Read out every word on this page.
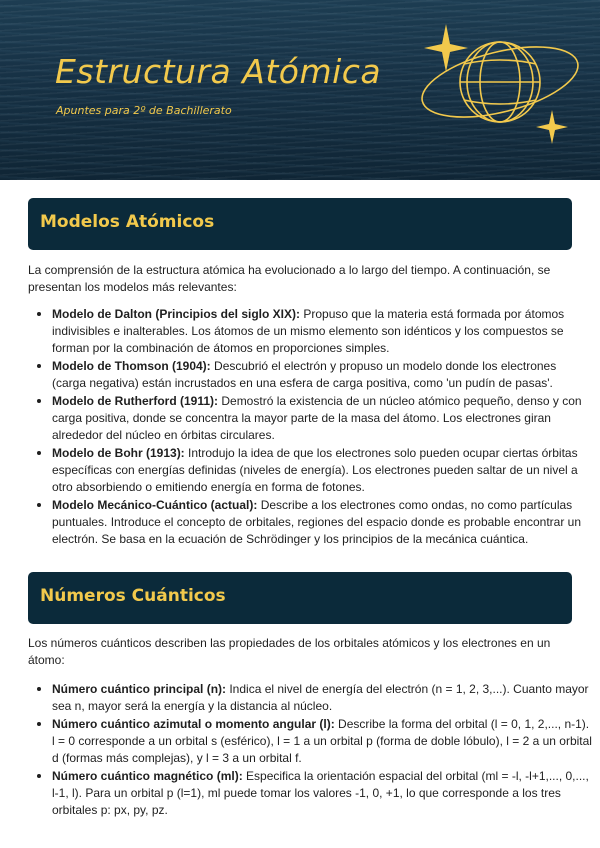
Estructura Atómica
Apuntes para 2º de Bachillerato
Modelos Atómicos

La comprensión de la estructura atómica ha evolucionado a lo largo del tiempo. A continuación, se presentan los modelos más relevantes:

• Modelo de Dalton (Principios del siglo XIX): Propuso que la materia está formada por átomos indivisibles e inalterables. Los átomos de un mismo elemento son idénticos y los compuestos se forman por la combinación de átomos en proporciones simples.
• Modelo de Thomson (1904): Descubrió el electrón y propuso un modelo donde los electrones (carga negativa) están incrustados en una esfera de carga positiva, como 'un pudín de pasas'.
• Modelo de Rutherford (1911): Demostró la existencia de un núcleo atómico pequeño, denso y con carga positiva, donde se concentra la mayor parte de la masa del átomo. Los electrones giran alrededor del núcleo en órbitas circulares.
• Modelo de Bohr (1913): Introdujo la idea de que los electrones solo pueden ocupar ciertas órbitas específicas con energías definidas (niveles de energía). Los electrones pueden saltar de un nivel a otro absorbiendo o emitiendo energía en forma de fotones.
• Modelo Mecánico-Cuántico (actual): Describe a los electrones como ondas, no como partículas puntuales. Introduce el concepto de orbitales, regiones del espacio donde es probable encontrar un electrón. Se basa en la ecuación de Schrödinger y los principios de la mecánica cuántica.
Números Cuánticos

Los números cuánticos describen las propiedades de los orbitales atómicos y los electrones en un átomo:

• Número cuántico principal (n): Indica el nivel de energía del electrón (n = 1, 2, 3,...). Cuanto mayor sea n, mayor será la energía y la distancia al núcleo.
• Número cuántico azimutal o momento angular (l): Describe la forma del orbital (l = 0, 1, 2,..., n-1). l = 0 corresponde a un orbital s (esférico), l = 1 a un orbital p (forma de doble lóbulo), l = 2 a un orbital d (formas más complejas), y l = 3 a un orbital f.
• Número cuántico magnético (ml): Especifica la orientación espacial del orbital (ml = -l, -l+1,..., 0,..., l-1, l). Para un orbital p (l=1), ml puede tomar los valores -1, 0, +1, lo que corresponde a los tres orbitales p: px, py, pz.
